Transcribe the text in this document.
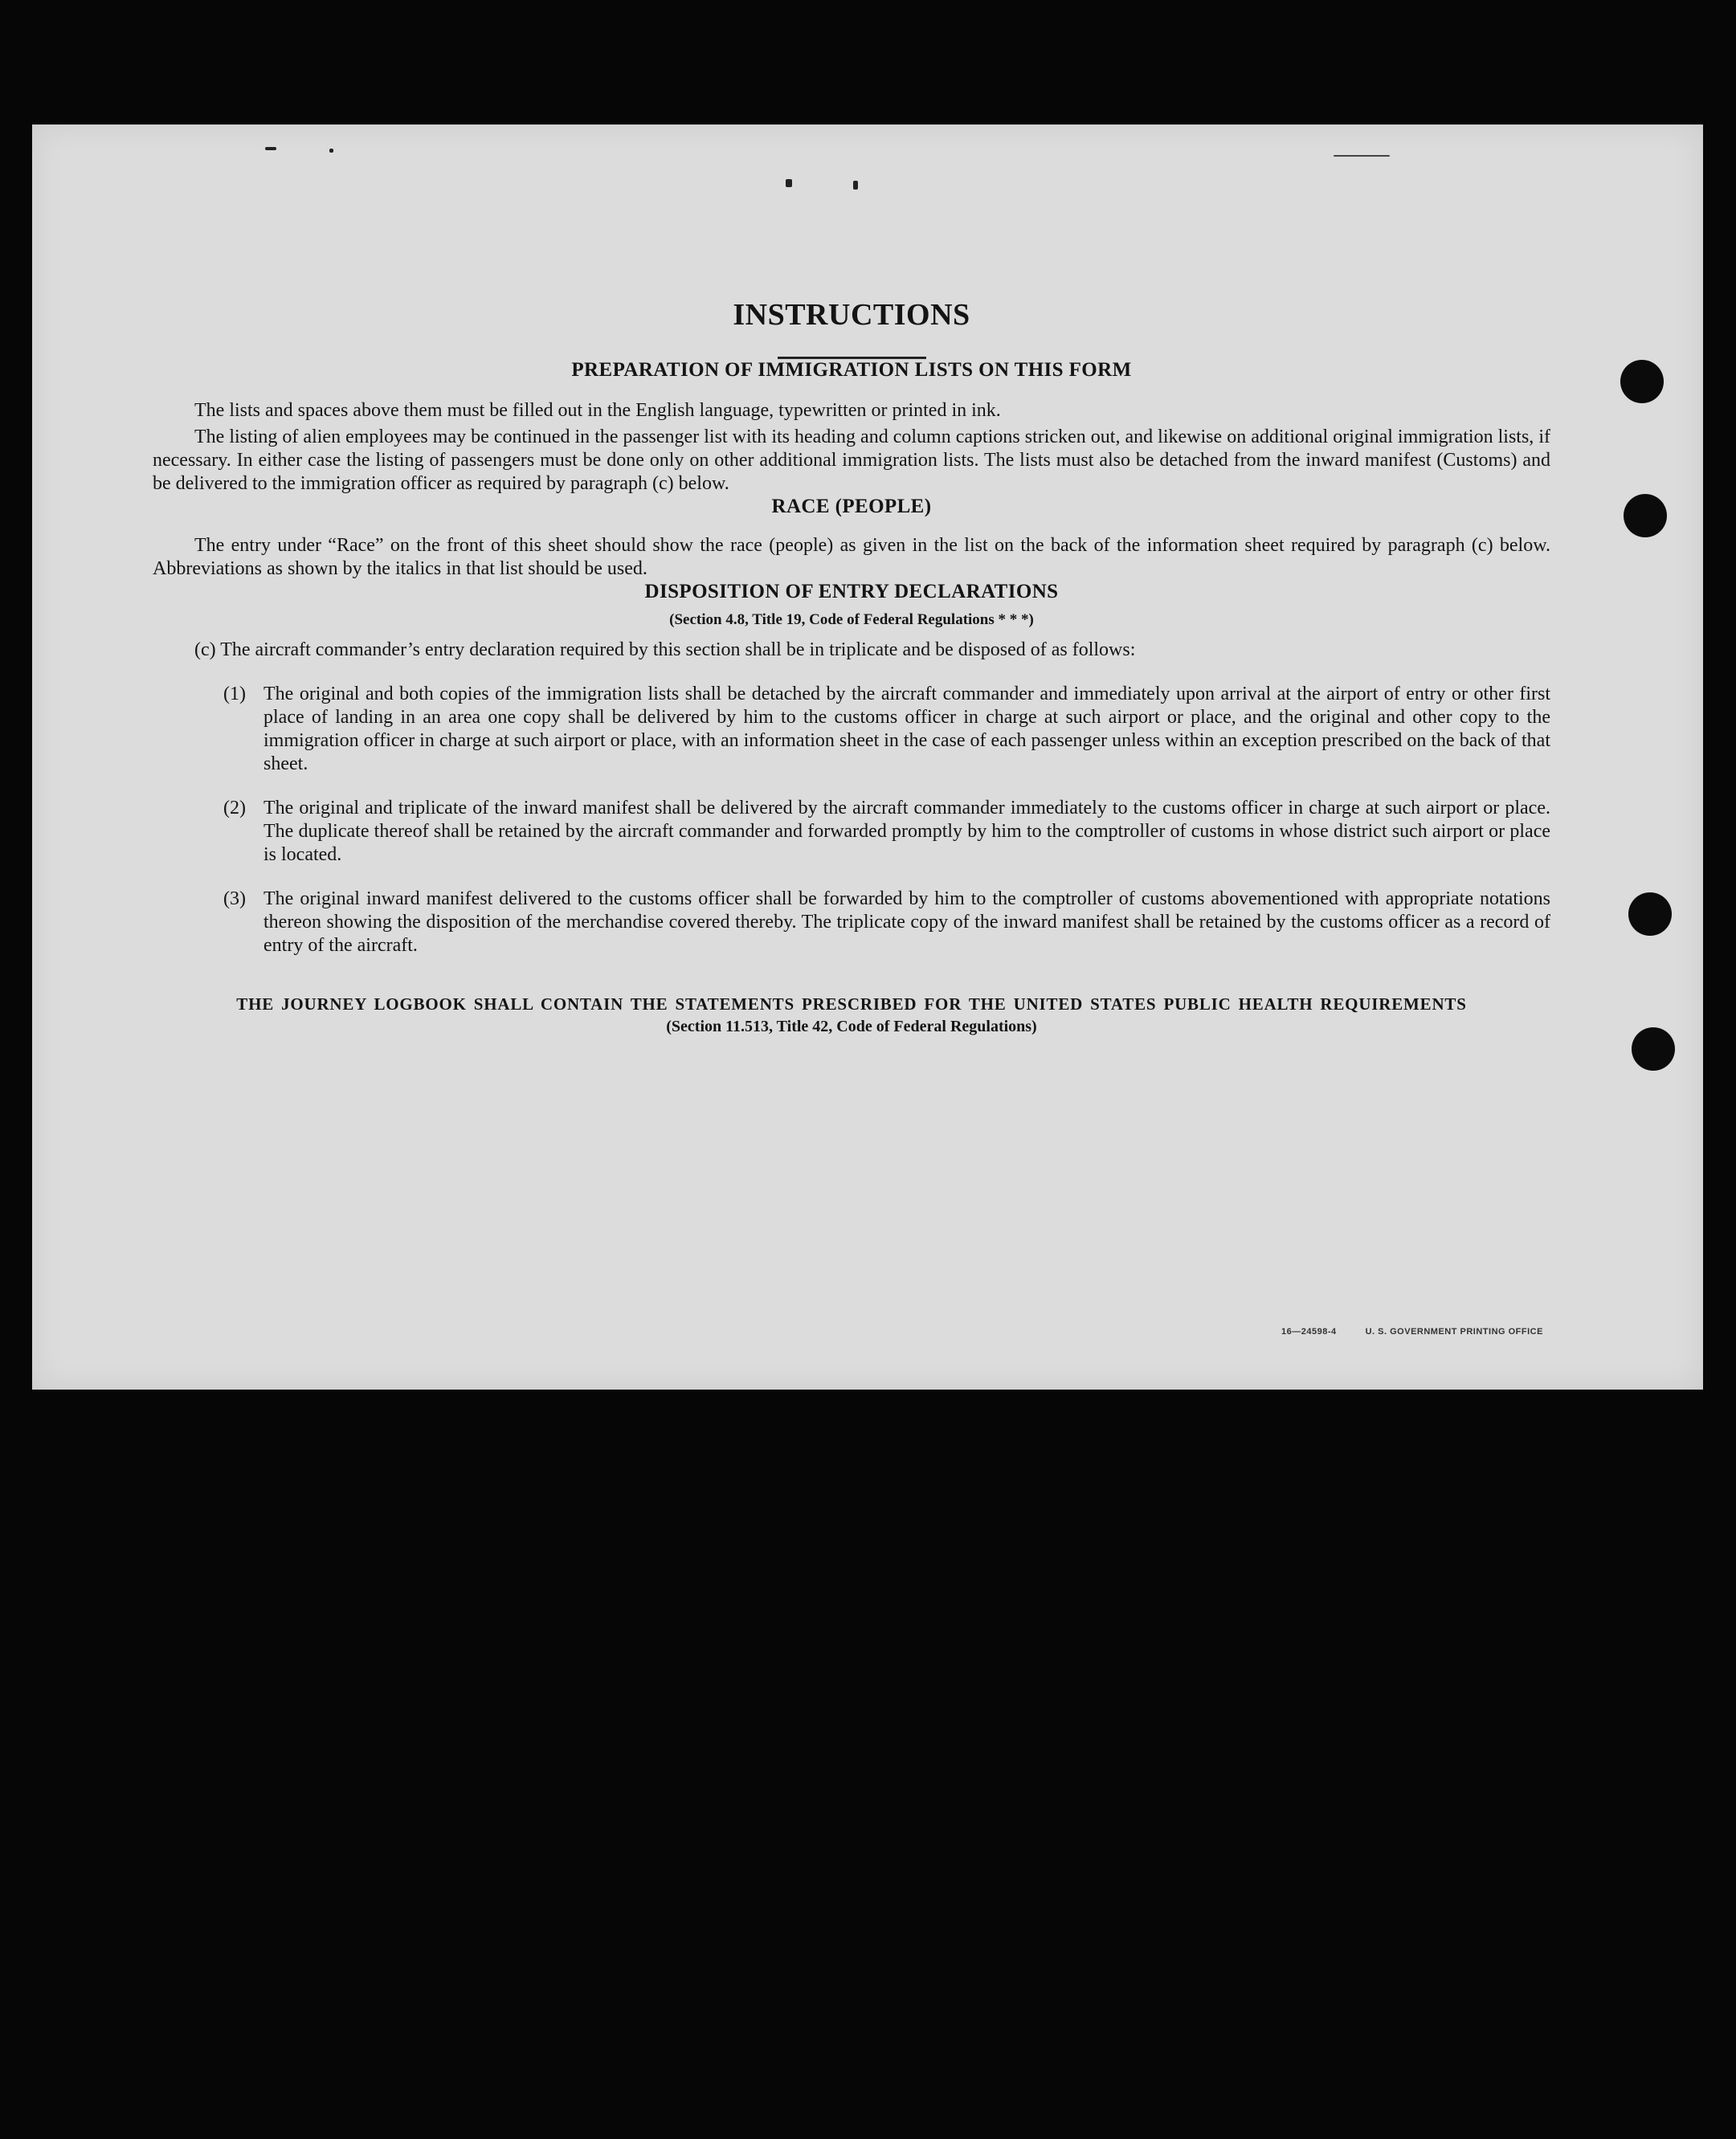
16—24598-4	U. S. GOVERNMENT PRINTING OFFICE
INSTRUCTIONS
PREPARATION OF IMMIGRATION LISTS ON THIS FORM

The lists and spaces above them must be filled out in the English language, typewritten or printed in ink.

The listing of alien employees may be continued in the passenger list with its heading and column captions stricken out, and likewise on additional original immigration lists, if necessary. In either case the listing of passengers must be done only on other additional immigration lists. The lists must also be detached from the inward manifest (Customs) and be delivered to the immigration officer as required by paragraph (c) below.

RACE (PEOPLE)

The entry under “Race” on the front of this sheet should show the race (people) as given in the list on the back of the information sheet required by paragraph (c) below. Abbreviations as shown by the italics in that list should be used.

DISPOSITION OF ENTRY DECLARATIONS
(Section 4.8, Title 19, Code of Federal Regulations * * *)

(c) The aircraft commander’s entry declaration required by this section shall be in triplicate and be disposed of as follows:

(1) The original and both copies of the immigration lists shall be detached by the aircraft commander and immediately upon arrival at the airport of entry or other first place of landing in an area one copy shall be delivered by him to the customs officer in charge at such airport or place, and the original and other copy to the immigration officer in charge at such airport or place, with an information sheet in the case of each passenger unless within an exception prescribed on the back of that sheet.
(2) The original and triplicate of the inward manifest shall be delivered by the aircraft commander immediately to the customs officer in charge at such airport or place. The duplicate thereof shall be retained by the aircraft commander and forwarded promptly by him to the comptroller of customs in whose district such airport or place is located.
(3) The original inward manifest delivered to the customs officer shall be forwarded by him to the comptroller of customs abovementioned with appropriate notations thereon showing the disposition of the merchandise covered thereby. The triplicate copy of the inward manifest shall be retained by the customs officer as a record of entry of the aircraft.
THE JOURNEY LOGBOOK SHALL CONTAIN THE STATEMENTS PRESCRIBED FOR THE UNITED STATES PUBLIC HEALTH REQUIREMENTS
(Section 11.513, Title 42, Code of Federal Regulations)
